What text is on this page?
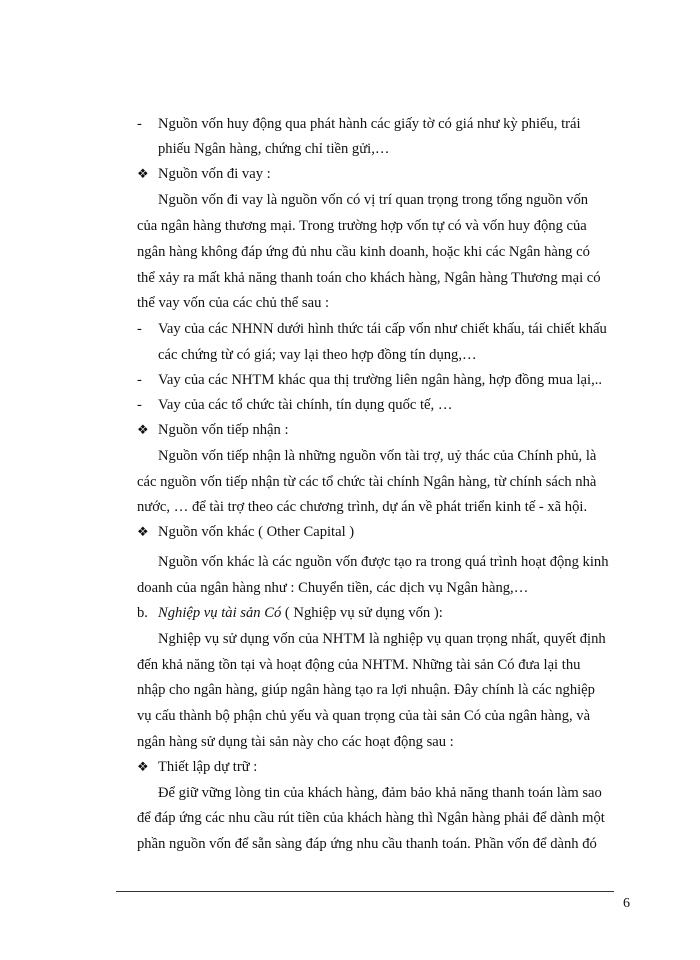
- Nguồn vốn huy động qua phát hành các giấy tờ có giá như kỳ phiếu, trái
phiếu Ngân hàng, chứng chỉ tiền gửi,…
❖ Nguồn vốn đi vay :
Nguồn vốn đi vay là nguồn vốn có vị trí quan trọng trong tổng nguồn vốn
của ngân hàng thương mại. Trong trường hợp vốn tự có và vốn huy động của
ngân hàng không đáp ứng đủ nhu cầu kinh doanh, hoặc khi các Ngân hàng có
thể xảy ra mất khả năng thanh toán cho khách hàng, Ngân hàng Thương mại có
thể vay vốn của các chủ thể sau :
- Vay của các NHNN dưới hình thức tái cấp vốn như chiết khấu, tái chiết khấu
các chứng từ có giá; vay lại theo hợp đồng tín dụng,…
- Vay của các NHTM khác qua thị trường liên ngân hàng, hợp đồng mua lại,..
- Vay của các tổ chức tài chính, tín dụng quốc tế, …
❖ Nguồn vốn tiếp nhận :
Nguồn vốn tiếp nhận là những nguồn vốn tài trợ, uỷ thác của Chính phủ, là
các nguồn vốn tiếp nhận từ các tổ chức tài chính Ngân hàng, từ chính sách nhà
nước, … để tài trợ theo các chương trình, dự án về phát triển kinh tế - xã hội.
❖ Nguồn vốn khác ( Other Capital )
Nguồn vốn khác là các nguồn vốn được tạo ra trong quá trình hoạt động kinh
doanh của ngân hàng như : Chuyển tiền, các dịch vụ Ngân hàng,…
b. Nghiệp vụ tài sản Có ( Nghiệp vụ sử dụng vốn ):
Nghiệp vụ sử dụng vốn của NHTM là nghiệp vụ quan trọng nhất, quyết định
đến khả năng tồn tại và hoạt động của NHTM. Những tài sản Có đưa lại thu
nhập cho ngân hàng, giúp ngân hàng tạo ra lợi nhuận. Đây chính là các nghiệp
vụ cấu thành bộ phận chủ yếu và quan trọng của tài sản Có của ngân hàng, và
ngân hàng sử dụng tài sản này cho các hoạt động sau :
❖ Thiết lập dự trữ :
Để giữ vững lòng tin của khách hàng, đảm bảo khả năng thanh toán làm sao
để đáp ứng các nhu cầu rút tiền của khách hàng thì Ngân hàng phải để dành một
phần nguồn vốn để sẵn sàng đáp ứng nhu cầu thanh toán. Phần vốn để dành đó
6
